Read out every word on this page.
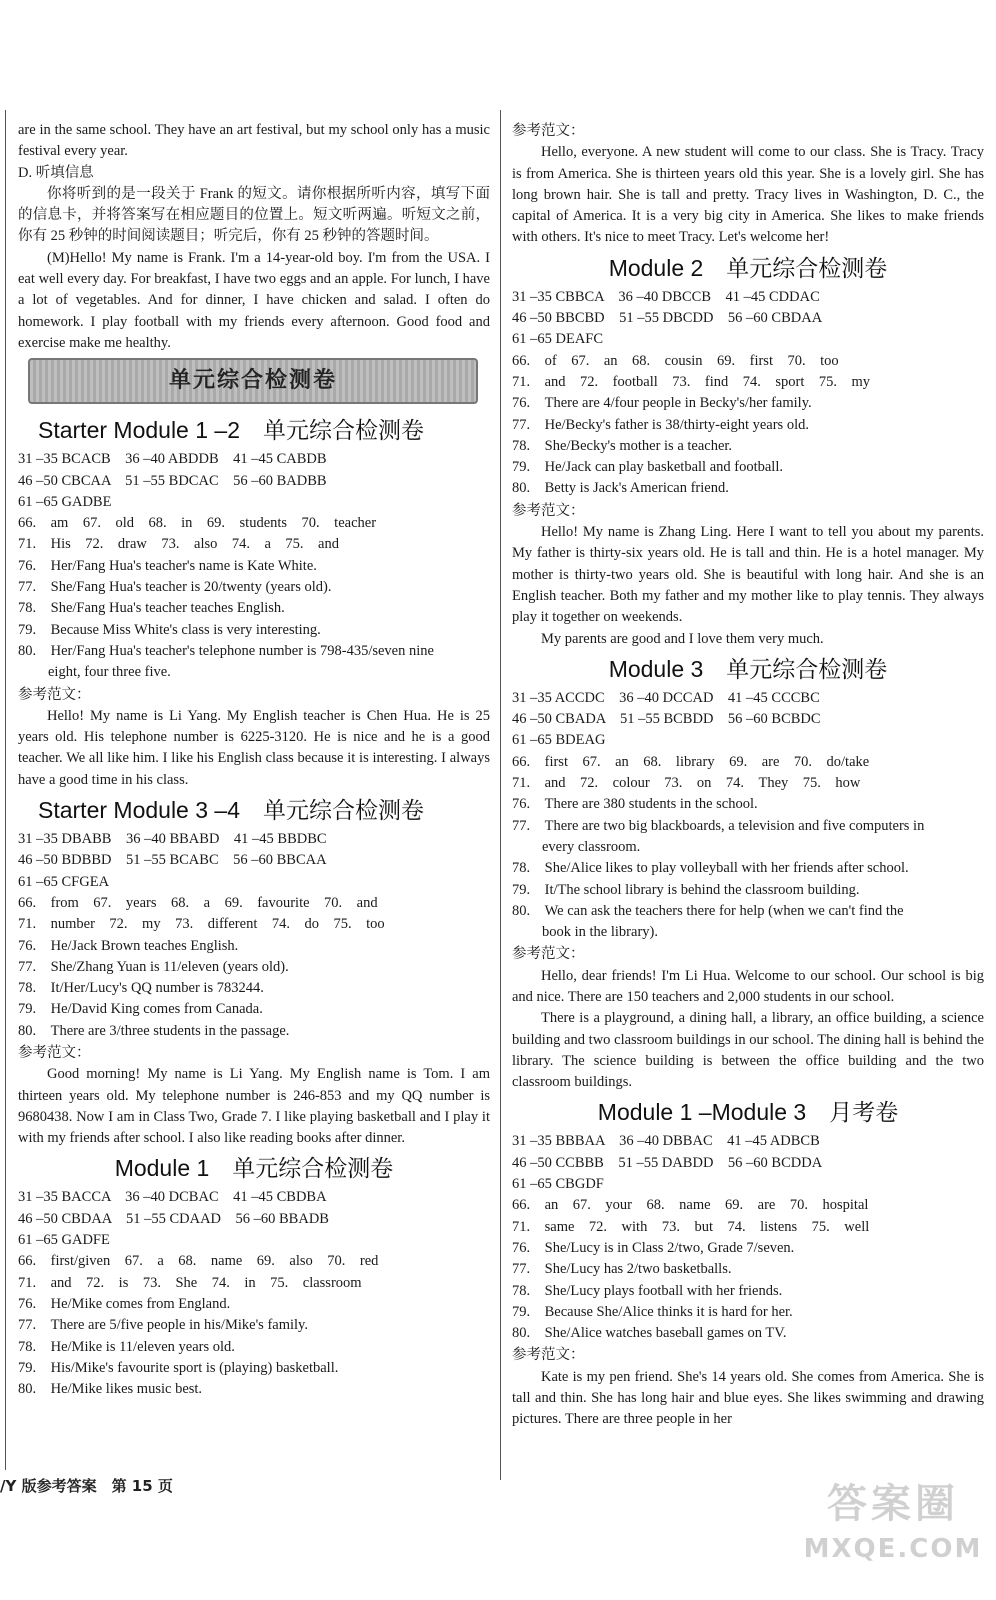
are in the same school. They have an art festival, but my school only has a music festival every year.

D. 听填信息

你将听到的是一段关于 Frank 的短文。请你根据所听内容，填写下面的信息卡，并将答案写在相应题目的位置上。短文听两遍。听短文之前，你有 25 秒钟的时间阅读题目；听完后，你有 25 秒钟的答题时间。

(M)Hello! My name is Frank. I'm a 14-year-old boy. I'm from the USA. I eat well every day. For breakfast, I have two eggs and an apple. For lunch, I have a lot of vegetables. And for dinner, I have chicken and salad. I often do homework. I play football with my friends every afternoon. Good food and exercise make me healthy.

单元综合检测卷
Starter Module 1 –2　单元综合检测卷
31 –35 BCACB　36 –40 ABDDB　41 –45 CABDB
46 –50 CBCAA　51 –55 BDCAC　56 –60 BADBB
61 –65 GADBE
66.　am　67.　old　68.　in　69.　students　70.　teacher
71.　His　72.　draw　73.　also　74.　a　75.　and
76.　Her/Fang Hua's teacher's name is Kate White.
77.　She/Fang Hua's teacher is 20/twenty (years old).
78.　She/Fang Hua's teacher teaches English.
79.　Because Miss White's class is very interesting.
80.　Her/Fang Hua's teacher's telephone number is 798-435/seven nine
eight, four three five.
参考范文：

Hello! My name is Li Yang. My English teacher is Chen Hua. He is 25 years old. His telephone number is 6225-3120. He is nice and he is a good teacher. We all like him. I like his English class because it is interesting. I always have a good time in his class.

Starter Module 3 –4　单元综合检测卷
31 –35 DBABB　36 –40 BBABD　41 –45 BBDBC
46 –50 BDBBD　51 –55 BCABC　56 –60 BBCAA
61 –65 CFGEA
66.　from　67.　years　68.　a　69.　favourite　70.　and
71.　number　72.　my　73.　different　74.　do　75.　too
76.　He/Jack Brown teaches English.
77.　She/Zhang Yuan is 11/eleven (years old).
78.　It/Her/Lucy's QQ number is 783244.
79.　He/David King comes from Canada.
80.　There are 3/three students in the passage.
参考范文：

Good morning! My name is Li Yang. My English name is Tom. I am thirteen years old. My telephone number is 246-853 and my QQ number is 9680438. Now I am in Class Two, Grade 7. I like playing basketball and I play it with my friends after school. I also like reading books after dinner.

Module 1　单元综合检测卷
31 –35 BACCA　36 –40 DCBAC　41 –45 CBDBA
46 –50 CBDAA　51 –55 CDAAD　56 –60 BBADB
61 –65 GADFE
66.　first/given　67.　a　68.　name　69.　also　70.　red
71.　and　72.　is　73.　She　74.　in　75.　classroom
76.　He/Mike comes from England.
77.　There are 5/five people in his/Mike's family.
78.　He/Mike is 11/eleven years old.
79.　His/Mike's favourite sport is (playing) basketball.
80.　He/Mike likes music best.
参考范文：

Hello, everyone. A new student will come to our class. She is Tracy. Tracy is from America. She is thirteen years old this year. She is a lovely girl. She has long brown hair. She is tall and pretty. Tracy lives in Washington, D. C., the capital of America. It is a very big city in America. She likes to make friends with others. It's nice to meet Tracy. Let's welcome her!

Module 2　单元综合检测卷
31 –35 CBBCA　36 –40 DBCCB　41 –45 CDDAC
46 –50 BBCBD　51 –55 DBCDD　56 –60 CBDAA
61 –65 DEAFC
66.　of　67.　an　68.　cousin　69.　first　70.　too
71.　and　72.　football　73.　find　74.　sport　75.　my
76.　There are 4/four people in Becky's/her family.
77.　He/Becky's father is 38/thirty-eight years old.
78.　She/Becky's mother is a teacher.
79.　He/Jack can play basketball and football.
80.　Betty is Jack's American friend.
参考范文：

Hello! My name is Zhang Ling. Here I want to tell you about my parents. My father is thirty-six years old. He is tall and thin. He is a hotel manager. My mother is thirty-two years old. She is beautiful with long hair. And she is an English teacher. Both my father and my mother like to play tennis. They always play it together on weekends.

My parents are good and I love them very much.

Module 3　单元综合检测卷
31 –35 ACCDC　36 –40 DCCAD　41 –45 CCCBC
46 –50 CBADA　51 –55 BCBDD　56 –60 BCBDC
61 –65 BDEAG
66.　first　67.　an　68.　library　69.　are　70.　do/take
71.　and　72.　colour　73.　on　74.　They　75.　how
76.　There are 380 students in the school.
77.　There are two big blackboards, a television and five computers in
every classroom.
78.　She/Alice likes to play volleyball with her friends after school.
79.　It/The school library is behind the classroom building.
80.　We can ask the teachers there for help (when we can't find the
book in the library).
参考范文：

Hello, dear friends! I'm Li Hua. Welcome to our school. Our school is big and nice. There are 150 teachers and 2,000 students in our school.

There is a playground, a dining hall, a library, an office building, a science building and two classroom buildings in our school. The dining hall is behind the library. The science building is between the office building and the two classroom buildings.

Module 1 –Module 3　月考卷
31 –35 BBBAA　36 –40 DBBAC　41 –45 ADBCB
46 –50 CCBBB　51 –55 DABDD　56 –60 BCDDA
61 –65 CBGDF
66.　an　67.　your　68.　name　69.　are　70.　hospital
71.　same　72.　with　73.　but　74.　listens　75.　well
76.　She/Lucy is in Class 2/two, Grade 7/seven.
77.　She/Lucy has 2/two basketballs.
78.　She/Lucy plays football with her friends.
79.　Because She/Alice thinks it is hard for her.
80.　She/Alice watches baseball games on TV.
参考范文：

Kate is my pen friend. She's 14 years old. She comes from America. She is tall and thin. She has long hair and blue eyes. She likes swimming and drawing pictures. There are three people in her

/Y 版参考答案　第 15 页	答案圈
MXQE.COM
